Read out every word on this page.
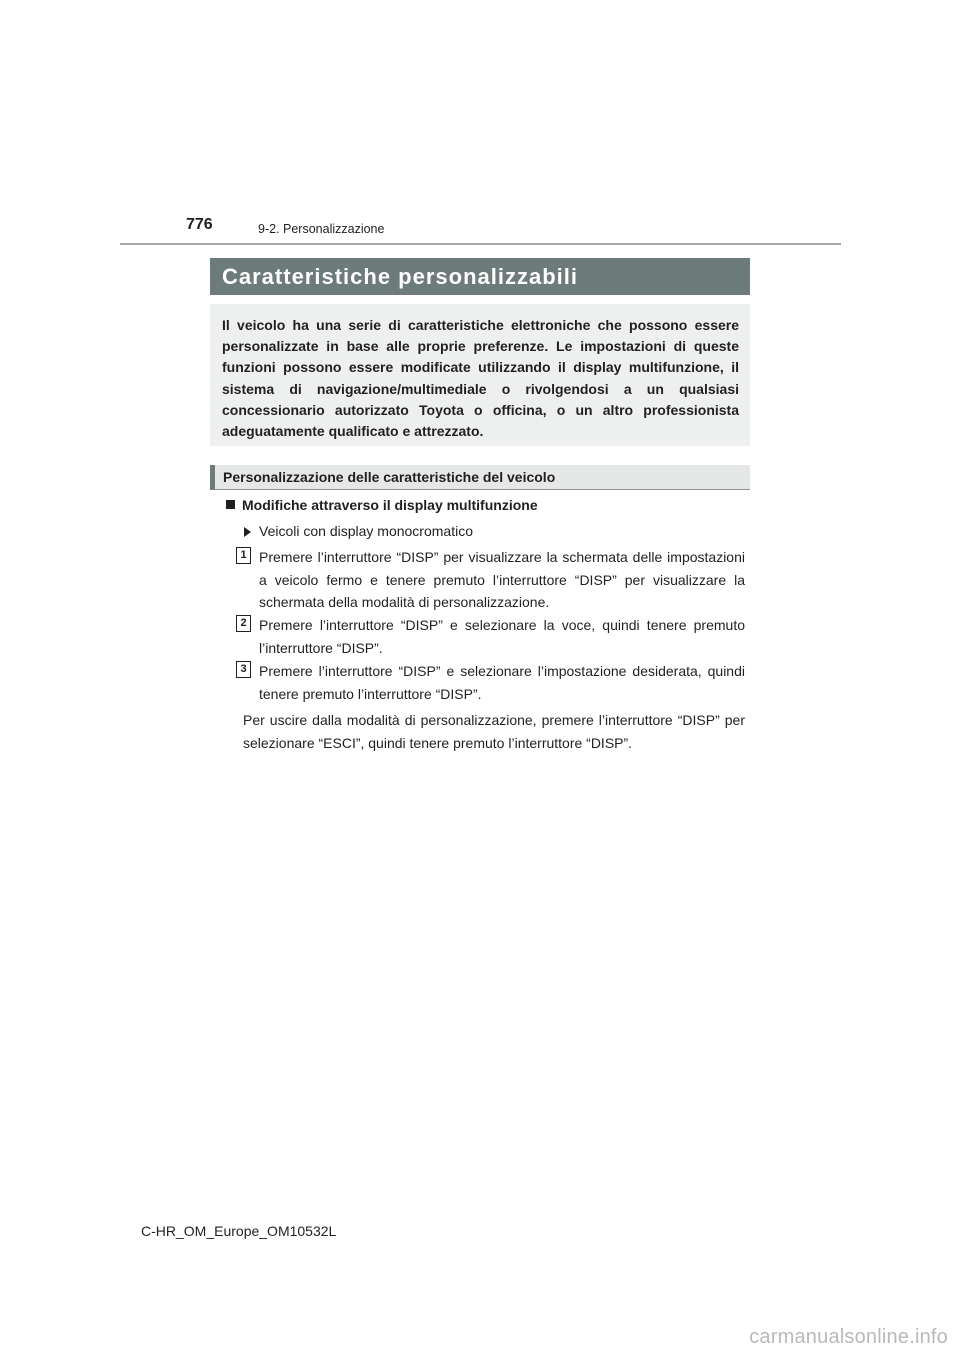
776	9-2. Personalizzazione
Caratteristiche personalizzabili
Il veicolo ha una serie di caratteristiche elettroniche che possono essere personalizzate in base alle proprie preferenze. Le impostazioni di queste funzioni possono essere modificate utilizzando il display multifunzione, il sistema di navigazione/multimediale o rivolgendosi a un qualsiasi concessionario autorizzato Toyota o officina, o un altro professionista adeguatamente qualificato e attrezzato.
Personalizzazione delle caratteristiche del veicolo
Modifiche attraverso il display multifunzione
Veicoli con display monocromatico
1 Premere l’interruttore “DISP” per visualizzare la schermata delle impostazioni a veicolo fermo e tenere premuto l’interruttore “DISP” per visualizzare la schermata della modalità di personalizzazione.
2 Premere l’interruttore “DISP” e selezionare la voce, quindi tenere premuto l’interruttore “DISP”.
3 Premere l’interruttore “DISP” e selezionare l’impostazione desiderata, quindi tenere premuto l’interruttore “DISP”.
Per uscire dalla modalità di personalizzazione, premere l’interruttore “DISP” per selezionare “ESCI”, quindi tenere premuto l’interruttore “DISP”.
C-HR_OM_Europe_OM10532L
carmanualsonline.info
